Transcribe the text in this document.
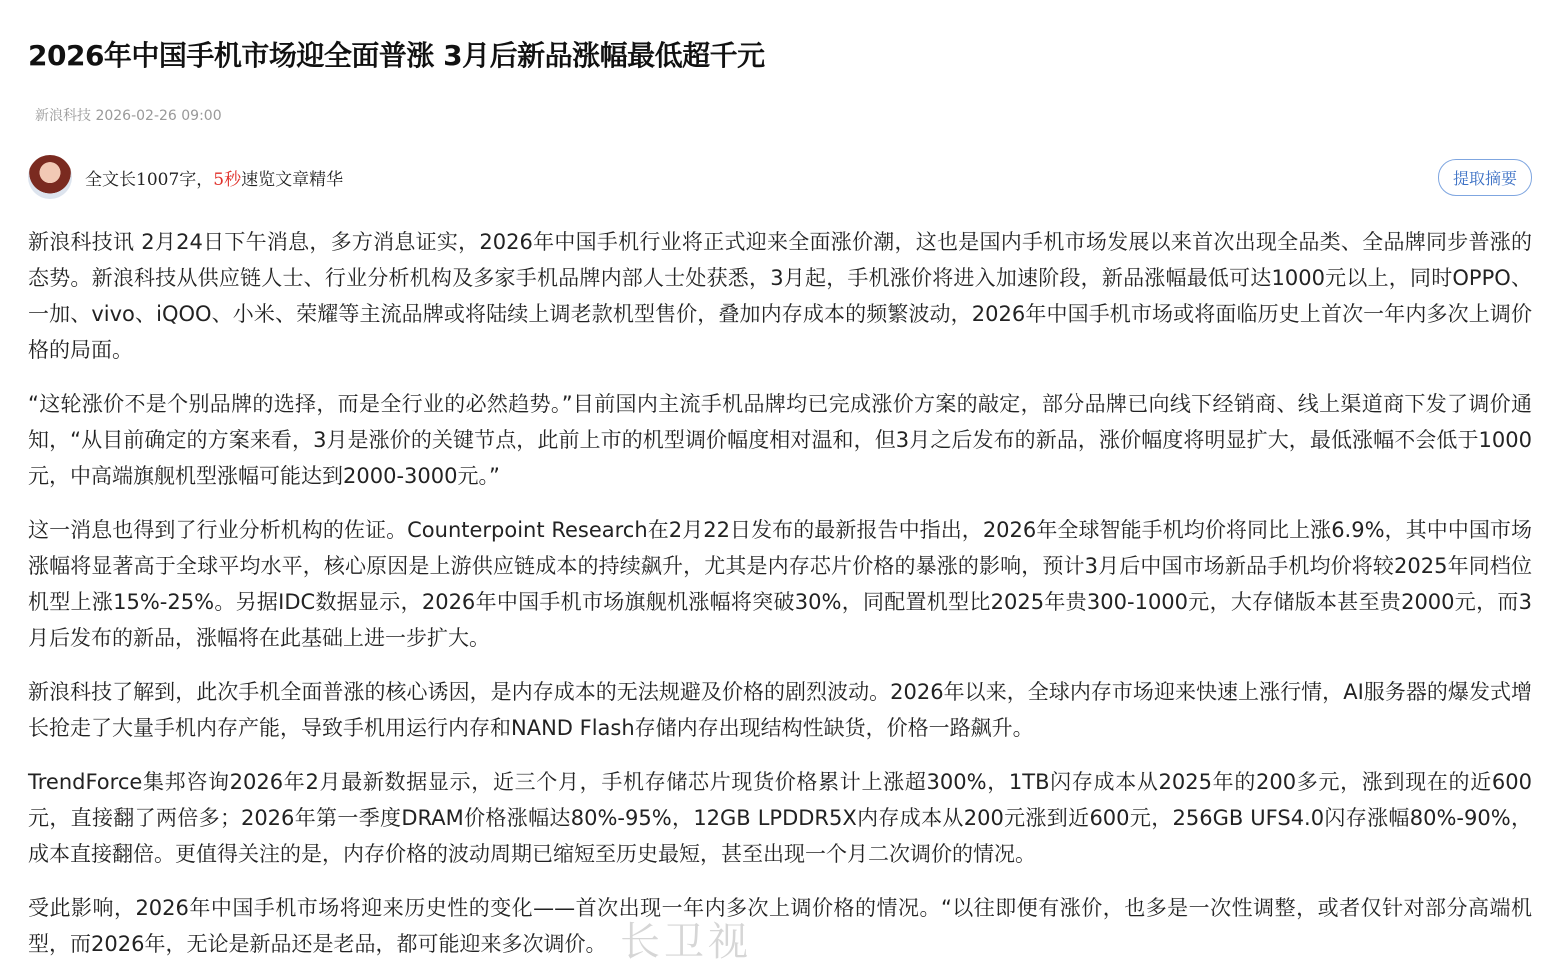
2026年中国手机市场迎全面普涨 3月后新品涨幅最低超千元
新浪科技 2026-02-26 09:00
全文长1007字，5秒速览文章精华	提取摘要

新浪科技讯 2月24日下午消息，多方消息证实，2026年中国手机行业将正式迎来全面涨价潮，这也是国内手机市场发展以来首次出现全品类、全品牌同步普涨的态势。新浪科技从供应链人士、行业分析机构及多家手机品牌内部人士处获悉，3月起，手机涨价将进入加速阶段，新品涨幅最低可达1000元以上，同时OPPO、一加、vivo、iQOO、小米、荣耀等主流品牌或将陆续上调老款机型售价，叠加内存成本的频繁波动，2026年中国手机市场或将面临历史上首次一年内多次上调价格的局面。

“这轮涨价不是个别品牌的选择，而是全行业的必然趋势。”目前国内主流手机品牌均已完成涨价方案的敲定，部分品牌已向线下经销商、线上渠道商下发了调价通知，“从目前确定的方案来看，3月是涨价的关键节点，此前上市的机型调价幅度相对温和，但3月之后发布的新品，涨价幅度将明显扩大，最低涨幅不会低于1000元，中高端旗舰机型涨幅可能达到2000-3000元。”

这一消息也得到了行业分析机构的佐证。Counterpoint Research在2月22日发布的最新报告中指出，2026年全球智能手机均价将同比上涨6.9%，其中中国市场涨幅将显著高于全球平均水平，核心原因是上游供应链成本的持续飙升，尤其是内存芯片价格的暴涨的影响，预计3月后中国市场新品手机均价将较2025年同档位机型上涨15%-25%。另据IDC数据显示，2026年中国手机市场旗舰机涨幅将突破30%，同配置机型比2025年贵300-1000元，大存储版本甚至贵2000元，而3月后发布的新品，涨幅将在此基础上进一步扩大。

新浪科技了解到，此次手机全面普涨的核心诱因，是内存成本的无法规避及价格的剧烈波动。2026年以来，全球内存市场迎来快速上涨行情，AI服务器的爆发式增长抢走了大量手机内存产能，导致手机用运行内存和NAND Flash存储内存出现结构性缺货，价格一路飙升。

TrendForce集邦咨询2026年2月最新数据显示，近三个月，手机存储芯片现货价格累计上涨超300%，1TB闪存成本从2025年的200多元，涨到现在的近600元，直接翻了两倍多；2026年第一季度DRAM价格涨幅达80%-95%，12GB LPDDR5X内存成本从200元涨到近600元，256GB UFS4.0闪存涨幅80%-90%，成本直接翻倍。更值得关注的是，内存价格的波动周期已缩短至历史最短，甚至出现一个月二次调价的情况。

受此影响，2026年中国手机市场将迎来历史性的变化——首次出现一年内多次上调价格的情况。“以往即便有涨价，也多是一次性调整，或者仅针对部分高端机型，而2026年，无论是新品还是老品，都可能迎来多次调价。 长卫视
